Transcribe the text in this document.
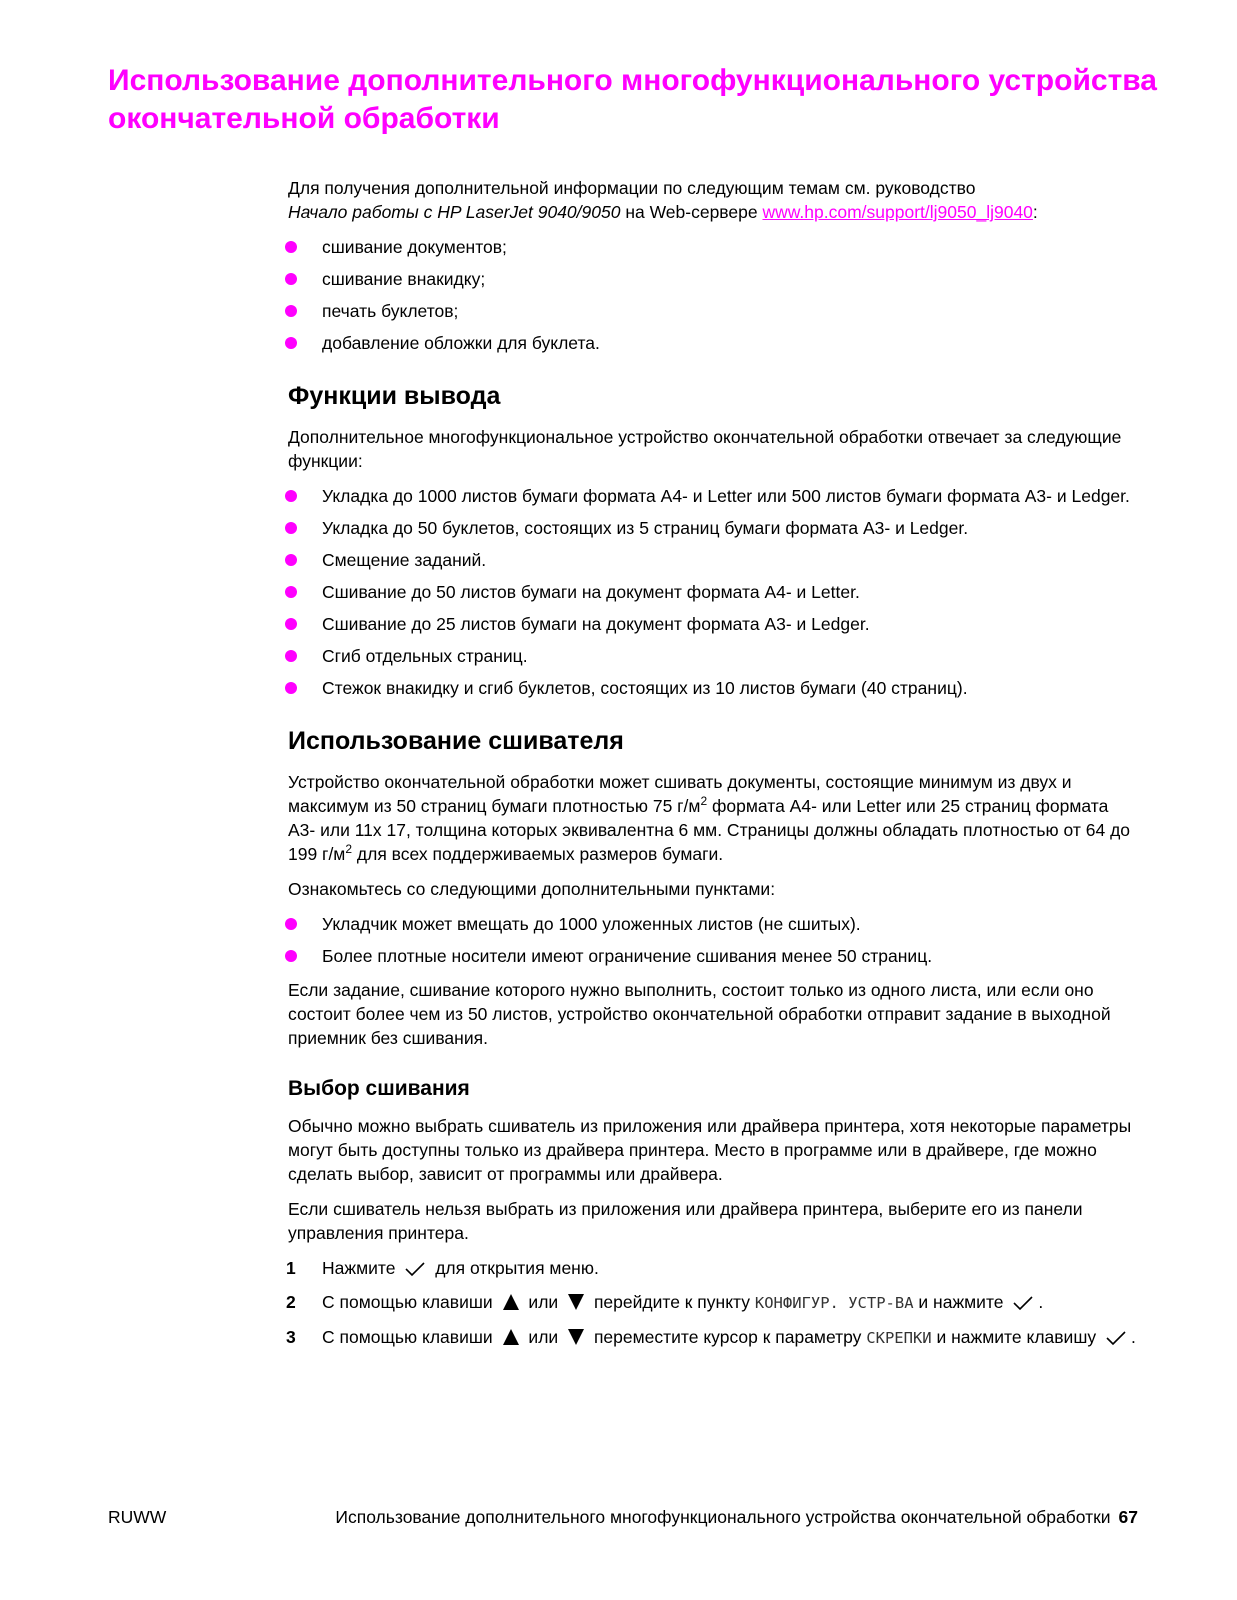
Использование дополнительного многофункционального устройства окончательной обработки

Для получения дополнительной информации по следующим темам см. руководство
Начало работы с HP LaserJet 9040/9050 на Web-сервере www.hp.com/support/lj9050_lj9040:

сшивание документов;
сшивание внакидку;
печать буклетов;
добавление обложки для буклета.
Функции вывода

Дополнительное многофункциональное устройство окончательной обработки отвечает за следующие функции:

Укладка до 1000 листов бумаги формата A4- и Letter или 500 листов бумаги формата A3- и Ledger.
Укладка до 50 буклетов, состоящих из 5 страниц бумаги формата A3- и Ledger.
Смещение заданий.
Сшивание до 50 листов бумаги на документ формата A4- и Letter.
Сшивание до 25 листов бумаги на документ формата A3- и Ledger.
Сгиб отдельных страниц.
Стежок внакидку и сгиб буклетов, состоящих из 10 листов бумаги (40 страниц).
Использование сшивателя

Устройство окончательной обработки может сшивать документы, состоящие минимум из двух и максимум из 50 страниц бумаги плотностью 75 $г/м^2$ формата A4- или Letter или 25 страниц формата A3- или 11x 17, толщина которых эквивалентна 6 мм. Страницы должны обладать плотностью от 64 до 199 $г/м^2$ для всех поддерживаемых размеров бумаги.

Ознакомьтесь со следующими дополнительными пунктами:

Укладчик может вмещать до 1000 уложенных листов (не сшитых).
Более плотные носители имеют ограничение сшивания менее 50 страниц.

Если задание, сшивание которого нужно выполнить, состоит только из одного листа, или если оно состоит более чем из 50 листов, устройство окончательной обработки отправит задание в выходной приемник без сшивания.

Выбор сшивания

Обычно можно выбрать сшиватель из приложения или драйвера принтера, хотя некоторые параметры могут быть доступны только из драйвера принтера. Место в программе или в драйвере, где можно сделать выбор, зависит от программы или драйвера.

Если сшиватель нельзя выбрать из приложения или драйвера принтера, выберите его из панели управления принтера.

1 Нажмите для открытия меню.
2 С помощью клавиши или перейдите к пункту КОНФИГУР. УСТР-ВА и нажмите .
3 С помощью клавиши или переместите курсор к параметру СКРЕПКИ и нажмите клавишу .
RUWW	Использование дополнительного многофункционального устройства окончательной обработки 67
